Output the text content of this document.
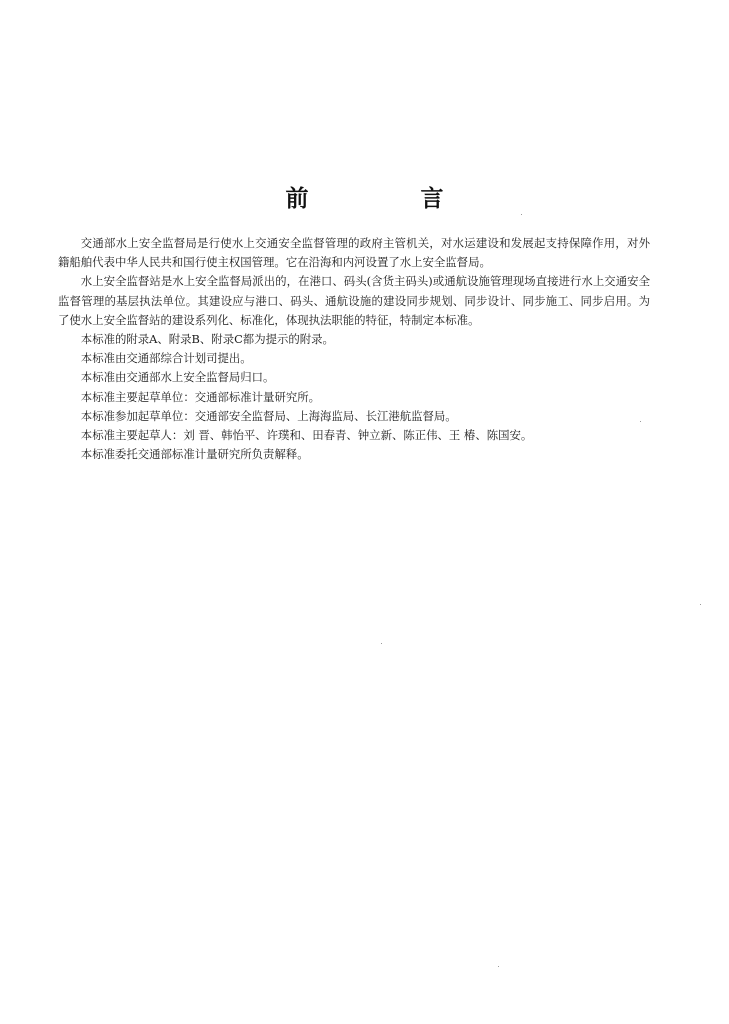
前 言

交通部水上安全监督局是行使水上交通安全监督管理的政府主管机关，对水运建设和发展起支持保障作用，对外籍船舶代表中华人民共和国行使主权国管理。它在沿海和内河设置了水上安全监督局。

水上安全监督站是水上安全监督局派出的，在港口、码头(含货主码头)或通航设施管理现场直接进行水上交通安全监督管理的基层执法单位。其建设应与港口、码头、通航设施的建设同步规划、同步设计、同步施工、同步启用。为了使水上安全监督站的建设系列化、标准化，体现执法职能的特征，特制定本标准。

本标准的附录A、附录B、附录C都为提示的附录。

本标准由交通部综合计划司提出。

本标准由交通部水上安全监督局归口。

本标准主要起草单位：交通部标准计量研究所。

本标准参加起草单位：交通部安全监督局、上海海监局、长江港航监督局。

本标准主要起草人：刘 晋、韩怡平、许璞和、田春青、钟立新、陈正伟、王 椿、陈国安。

本标准委托交通部标准计量研究所负责解释。
